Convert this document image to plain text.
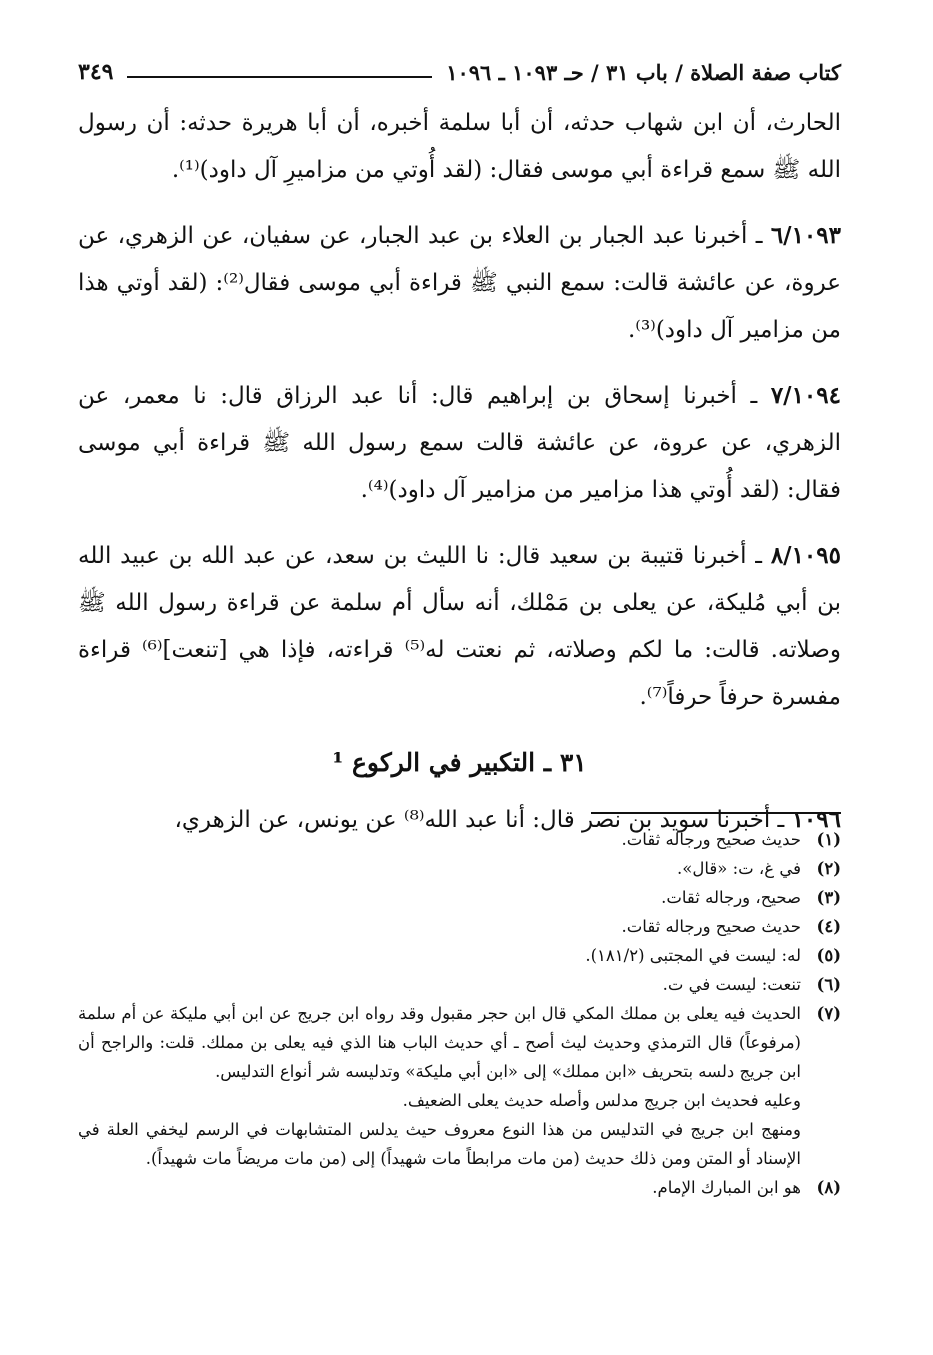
كتاب صفة الصلاة / باب ٣١ / حـ ١٠٩٣ ـ ١٠٩٦
٣٤٩

الحارث، أن ابن شهاب حدثه، أن أبا سلمة أخبره، أن أبا هريرة حدثه: أن رسول الله ﷺ سمع قراءة أبي موسى فقال: (لقد أُوتي من مزاميرِ آل داود)⁽¹⁾.

٦/١٠٩٣ ـ أخبرنا عبد الجبار بن العلاء بن عبد الجبار، عن سفيان، عن الزهري، عن عروة، عن عائشة قالت: سمع النبي ﷺ قراءة أبي موسى فقال⁽²⁾: (لقد أوتي هذا من مزامير آل داود)⁽³⁾.

٧/١٠٩٤ ـ أخبرنا إسحاق بن إبراهيم قال: أنا عبد الرزاق قال: نا معمر، عن الزهري، عن عروة، عن عائشة قالت سمع رسول الله ﷺ قراءة أبي موسى فقال: (لقد أُوتي هذا مزامير من مزامير آل داود)⁽⁴⁾.

٨/١٠٩٥ ـ أخبرنا قتيبة بن سعيد قال: نا الليث بن سعد، عن عبد الله بن عبيد الله بن أبي مُليكة، عن يعلى بن مَمْلك، أنه سأل أم سلمة عن قراءة رسول الله ﷺ وصلاته. قالت: ما لكم وصلاته، ثم نعتت له⁽⁵⁾ قراءته، فإذا هي [تنعت]⁽⁶⁾ قراءة مفسرة حرفاً حرفاً⁽⁷⁾.

٣١ ـ التكبير في الركوع ¹

١٠٩٦ ـ أخبرنا سويد بن نصر قال: أنا عبد الله⁽⁸⁾ عن يونس، عن الزهري،

(١)
حديث صحيح ورجاله ثقات.
(٢)
في غ، ت: «قال».
(٣)
صحيح، ورجاله ثقات.
(٤)
حديث صحيح ورجاله ثقات.
(٥)
له: ليست في المجتبى (١٨١/٢).
(٦)
تنعت: ليست في ت.
(٧)
الحديث فيه يعلى بن مملك المكي قال ابن حجر مقبول وقد رواه ابن جريج عن ابن أبي مليكة عن أم سلمة (مرفوعاً) قال الترمذي وحديث ليث أصح ـ أي حديث الباب هنا الذي فيه يعلى بن مملك. قلت: والراجح أن ابن جريج دلسه بتحريف «ابن مملك» إلى «ابن أبي مليكة» وتدليسه شر أنواع التدليس.
وعليه فحديث ابن جريج مدلس وأصله حديث يعلى الضعيف.
ومنهج ابن جريج في التدليس من هذا النوع معروف حيث يدلس المتشابهات في الرسم ليخفي العلة في الإسناد أو المتن ومن ذلك حديث (من مات مرابطاً مات شهيداً) إلى (من مات مريضاً مات شهيداً).
(٨)
هو ابن المبارك الإمام.
